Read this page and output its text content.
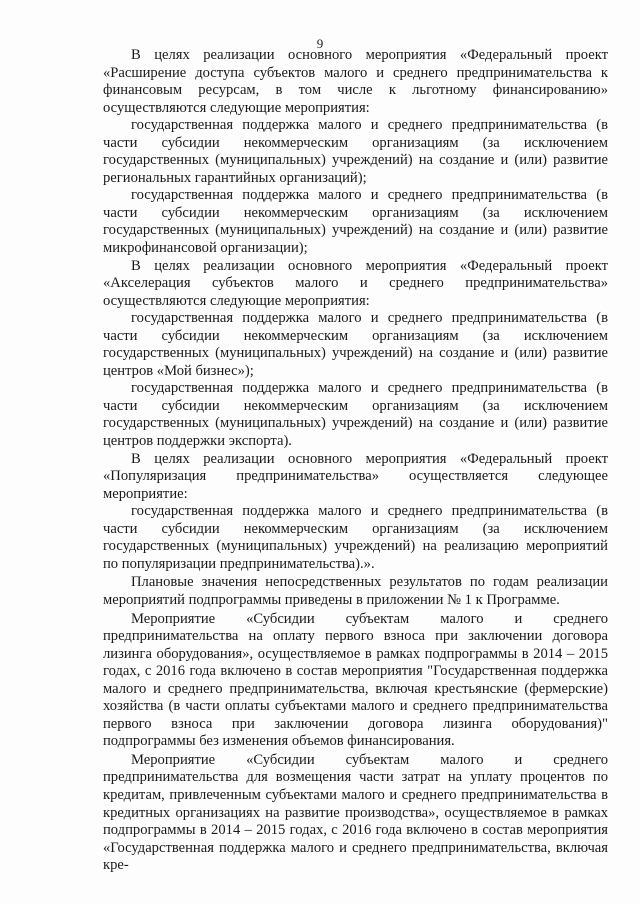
9

В целях реализации основного мероприятия «Федеральный проект «Расширение доступа субъектов малого и среднего предпринимательства к финансовым ресурсам, в том числе к льготному финансированию» осуществляются следующие мероприятия:

государственная поддержка малого и среднего предпринимательства (в части субсидии некоммерческим организациям (за исключением государственных (муниципальных) учреждений) на создание и (или) развитие региональных гарантийных организаций);

государственная поддержка малого и среднего предпринимательства (в части субсидии некоммерческим организациям (за исключением государственных (муниципальных) учреждений) на создание и (или) развитие микрофинансовой организации);

В целях реализации основного мероприятия «Федеральный проект «Акселерация субъектов малого и среднего предпринимательства» осуществляются следующие мероприятия:

государственная поддержка малого и среднего предпринимательства (в части субсидии некоммерческим организациям (за исключением государственных (муниципальных) учреждений) на создание и (или) развитие центров «Мой бизнес»);

государственная поддержка малого и среднего предпринимательства (в части субсидии некоммерческим организациям (за исключением государственных (муниципальных) учреждений) на создание и (или) развитие центров поддержки экспорта).

В целях реализации основного мероприятия «Федеральный проект «Популяризация предпринимательства» осуществляется следующее мероприятие:

государственная поддержка малого и среднего предпринимательства (в части субсидии некоммерческим организациям (за исключением государственных (муниципальных) учреждений) на реализацию мероприятий по популяризации предпринимательства).».

Плановые значения непосредственных результатов по годам реализации мероприятий подпрограммы приведены в приложении № 1 к Программе.

Мероприятие «Субсидии субъектам малого и среднего предпринимательства на оплату первого взноса при заключении договора лизинга оборудования», осуществляемое в рамках подпрограммы в 2014 – 2015 годах, с 2016 года включено в состав мероприятия "Государственная поддержка малого и среднего предпринимательства, включая крестьянские (фермерские) хозяйства (в части оплаты субъектами малого и среднего предпринимательства первого взноса при заключении договора лизинга оборудования)" подпрограммы без изменения объемов финансирования.

Мероприятие «Субсидии субъектам малого и среднего предпринимательства для возмещения части затрат на уплату процентов по кредитам, привлеченным субъектами малого и среднего предпринимательства в кредитных организациях на развитие производства», осуществляемое в рамках подпрограммы в 2014 – 2015 годах, с 2016 года включено в состав мероприятия «Государственная поддержка малого и среднего предпринимательства, включая кре-
